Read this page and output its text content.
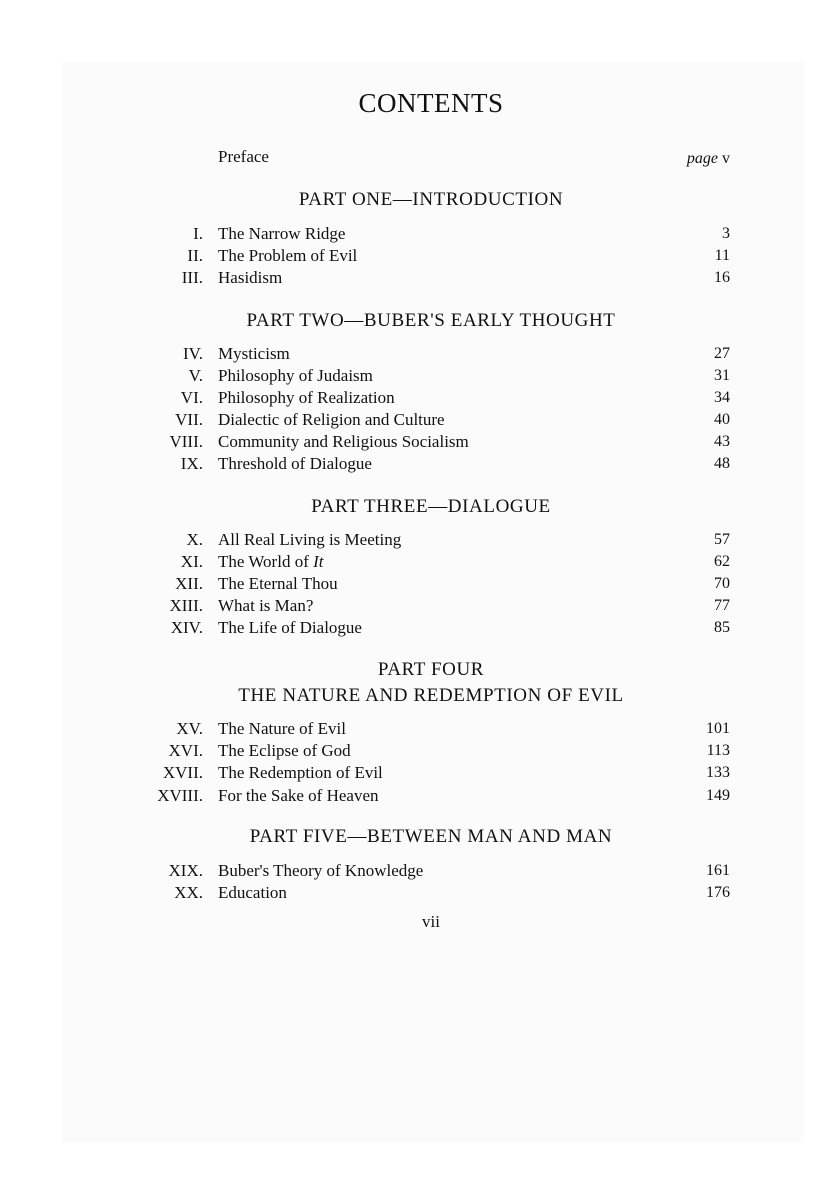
CONTENTS
Preface	page v
PART ONE—INTRODUCTION
I. The Narrow Ridge	3
II. The Problem of Evil	11
III. Hasidism	16
PART TWO—BUBER'S EARLY THOUGHT
IV. Mysticism	27
V. Philosophy of Judaism	31
VI. Philosophy of Realization	34
VII. Dialectic of Religion and Culture	40
VIII. Community and Religious Socialism	43
IX. Threshold of Dialogue	48
PART THREE—DIALOGUE
X. All Real Living is Meeting	57
XI. The World of It	62
XII. The Eternal Thou	70
XIII. What is Man?	77
XIV. The Life of Dialogue	85
PART FOUR
THE NATURE AND REDEMPTION OF EVIL
XV. The Nature of Evil	101
XVI. The Eclipse of God	113
XVII. The Redemption of Evil	133
XVIII. For the Sake of Heaven	149
PART FIVE—BETWEEN MAN AND MAN
XIX. Buber's Theory of Knowledge	161
XX. Education	176
vii
